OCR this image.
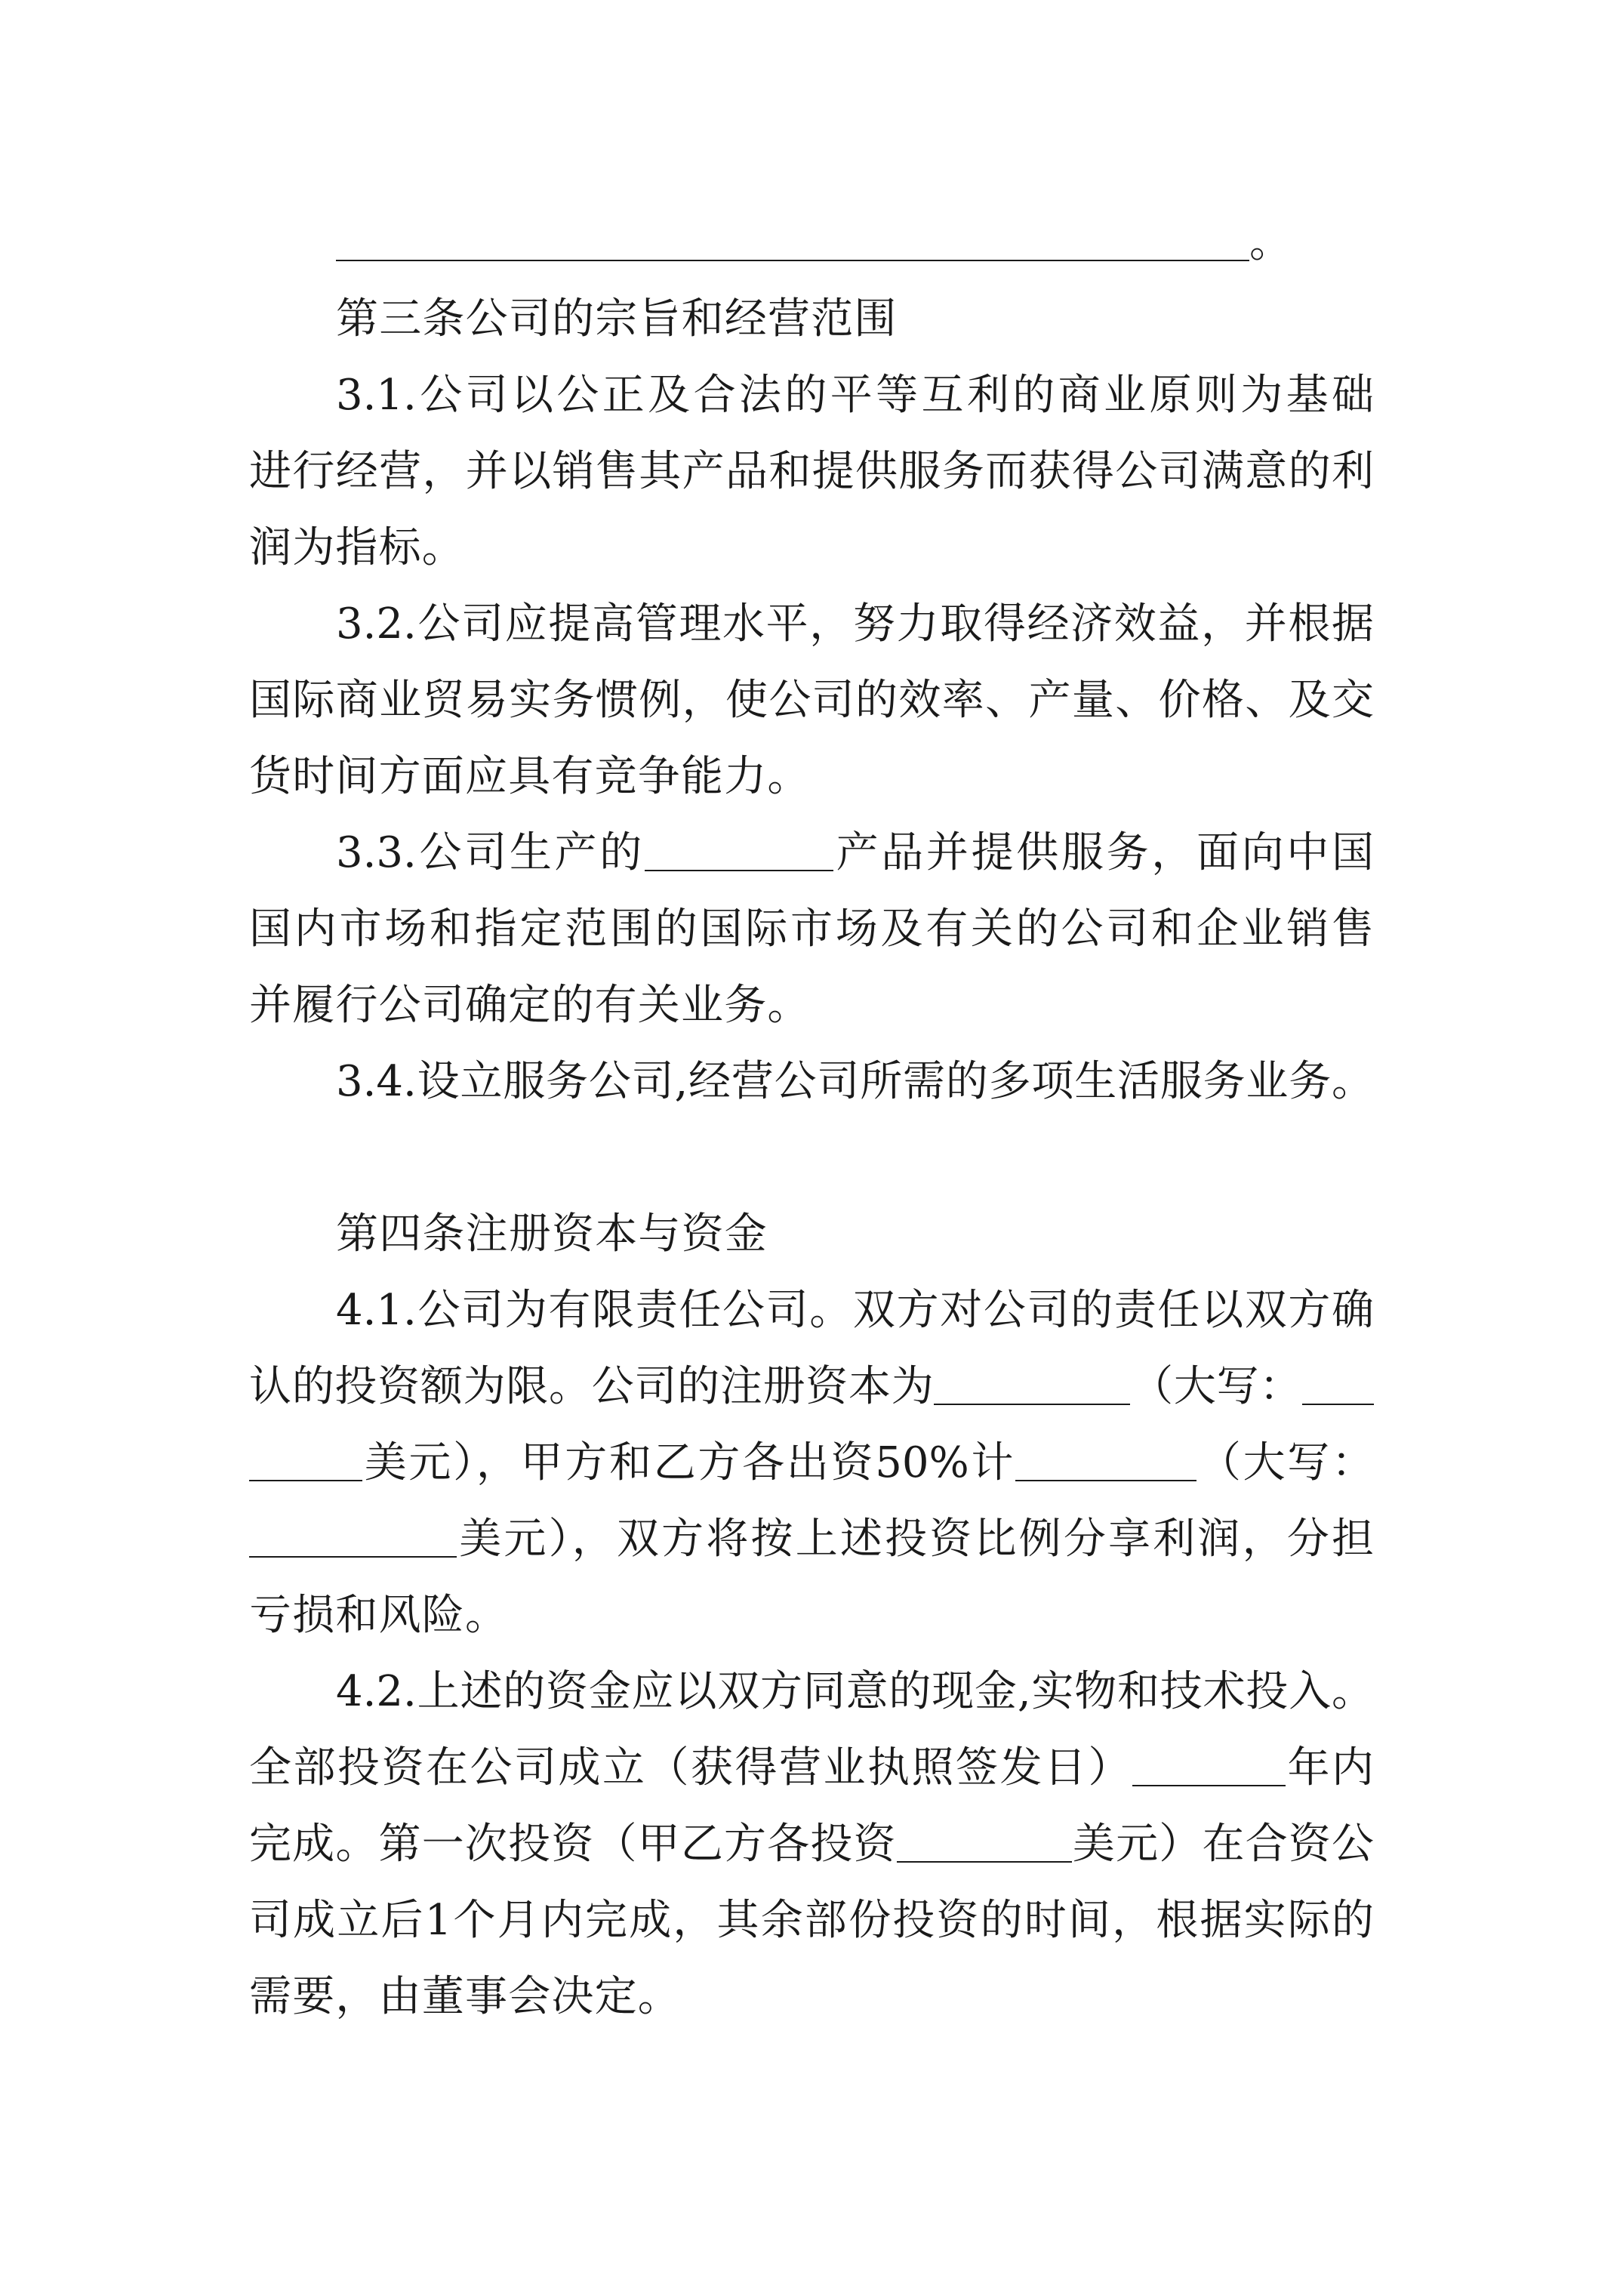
。
第三条公司的宗旨和经营范围
3.1.公司以公正及合法的平等互利的商业原则为基础
进行经营，并以销售其产品和提供服务而获得公司满意的利
润为指标。
3.2.公司应提高管理水平，努力取得经济效益，并根据
国际商业贸易实务惯例，使公司的效率、产量、价格、及交
货时间方面应具有竞争能力。
3.3.公司生产的	产品并提供服务，面向中国
国内市场和指定范围的国际市场及有关的公司和企业销售
并履行公司确定的有关业务。
3.4.设立服务公司,经营公司所需的多项生活服务业务。
第四条注册资本与资金
4.1.公司为有限责任公司。双方对公司的责任以双方确
认的投资额为限。公司的注册资本为	（大写：
美元），甲方和乙方各出资50%计	（大写：
美元），双方将按上述投资比例分享利润，分担
亏损和风险。
4.2.上述的资金应以双方同意的现金,实物和技术投入。
全部投资在公司成立（获得营业执照签发日）	年内
完成。第一次投资（甲乙方各投资	美元）在合资公
司成立后1个月内完成，其余部份投资的时间，根据实际的
需要，由董事会决定。
